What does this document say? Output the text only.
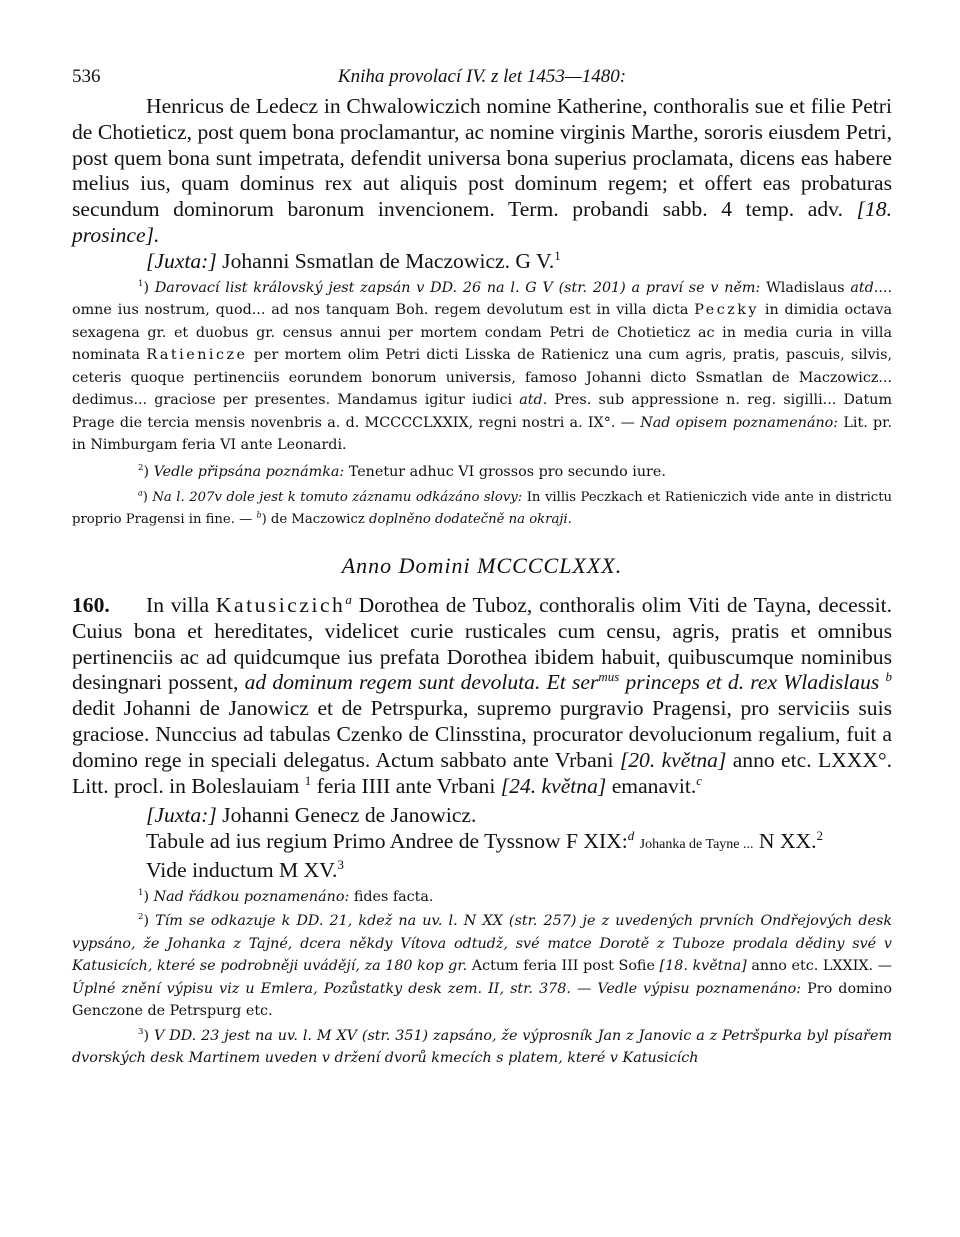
536	Kniha provolací IV. z let 1453—1480:

Henricus de Ledecz in Chwalowiczich nomine Katherine, conthoralis sue et filie Petri de Chotieticz, post quem bona proclamantur, ac nomine virginis Marthe, sororis eiusdem Petri, post quem bona sunt impetrata, defendit universa bona superius proclamata, dicens eas habere melius ius, quam dominus rex aut aliquis post dominum regem; et offert eas probaturas secundum dominorum baronum invencionem. Term. probandi sabb. 4 temp. adv. [18. prosince].

[Juxta:] Johanni Ssmatlan de Maczowicz. G V.$^1$

$^1$) Darovací list královský jest zapsán v DD. 26 na l. G V (str. 201) a praví se v něm: Wladislaus atd.... omne ius nostrum, quod... ad nos tanquam Boh. regem devolutum est in villa dicta Peczky in dimidia octava sexagena gr. et duobus gr. census annui per mortem condam Petri de Chotieticz ac in media curia in villa nominata Ratienicze per mortem olim Petri dicti Lisska de Ratienicz una cum agris, pratis, pascuis, silvis, ceteris quoque pertinenciis eorundem bonorum universis, famoso Johanni dicto Ssmatlan de Maczowicz... dedimus... graciose per presentes. Mandamus igitur iudici atd. Pres. sub appressione n. reg. sigilli... Datum Prage die tercia mensis novenbris a. d. MCCCCLXXIX, regni nostri a. IX°. — Nad opisem poznamenáno: Lit. pr. in Nimburgam feria VI ante Leonardi.

$^2$) Vedle připsána poznámka: Tenetur adhuc VI grossos pro secundo iure.

$^a$) Na l. 207v dole jest k tomuto záznamu odkázáno slovy: In villis Peczkach et Ratieniczich vide ante in districtu proprio Pragensi in fine. — $^b$) de Maczowicz doplněno dodatečně na okraji.

Anno Domini MCCCCLXXX.

160. In villa Katusiczich$^a$ Dorothea de Tuboz, conthoralis olim Viti de Tayna, decessit. Cuius bona et hereditates, videlicet curie rusticales cum censu, agris, pratis et omnibus pertinenciis ac ad quidcumque ius prefata Dorothea ibidem habuit, quibuscumque nominibus desingnari possent, ad dominum regem sunt devoluta. Et ser$^{mus}$ princeps et d. rex Wladislaus $^b$ dedit Johanni de Janowicz et de Petrspurka, supremo purgravio Pragensi, pro serviciis suis graciose. Nunccius ad tabulas Czenko de Clinsstina, procurator devolucionum regalium, fuit a domino rege in speciali delegatus. Actum sabbato ante Vrbani [20. května] anno etc. LXXX°. Litt. procl. in Boleslauiam $^1$ feria IIII ante Vrbani [24. května] emanavit.$^c$

[Juxta:] Johanni Genecz de Janowicz.

Tabule ad ius regium Primo Andree de Tyssnow F XIX:$^d$ Johanka de Tayne ... N XX.$^2$

Vide inductum M XV.$^3$

$^1$) Nad řádkou poznamenáno: fides facta.

$^2$) Tím se odkazuje k DD. 21, kdež na uv. l. N XX (str. 257) je z uvedených prvních Ondřejových desk vypsáno, že Johanka z Tajné, dcera někdy Vítova odtudž, své matce Dorotě z Tuboze prodala dědiny své v Katusicích, které se podrobněji uvádějí, za 180 kop gr. Actum feria III post Sofie [18. května] anno etc. LXXIX. — Úplné znění výpisu viz u Emlera, Pozůstatky desk zem. II, str. 378. — Vedle výpisu poznamenáno: Pro domino Genczone de Petrspurg etc.

$^3$) V DD. 23 jest na uv. l. M XV (str. 351) zapsáno, že výprosník Jan z Janovic a z Petršpurka byl písařem dvorských desk Martinem uveden v držení dvorů kmecích s platem, které v Katusicích
